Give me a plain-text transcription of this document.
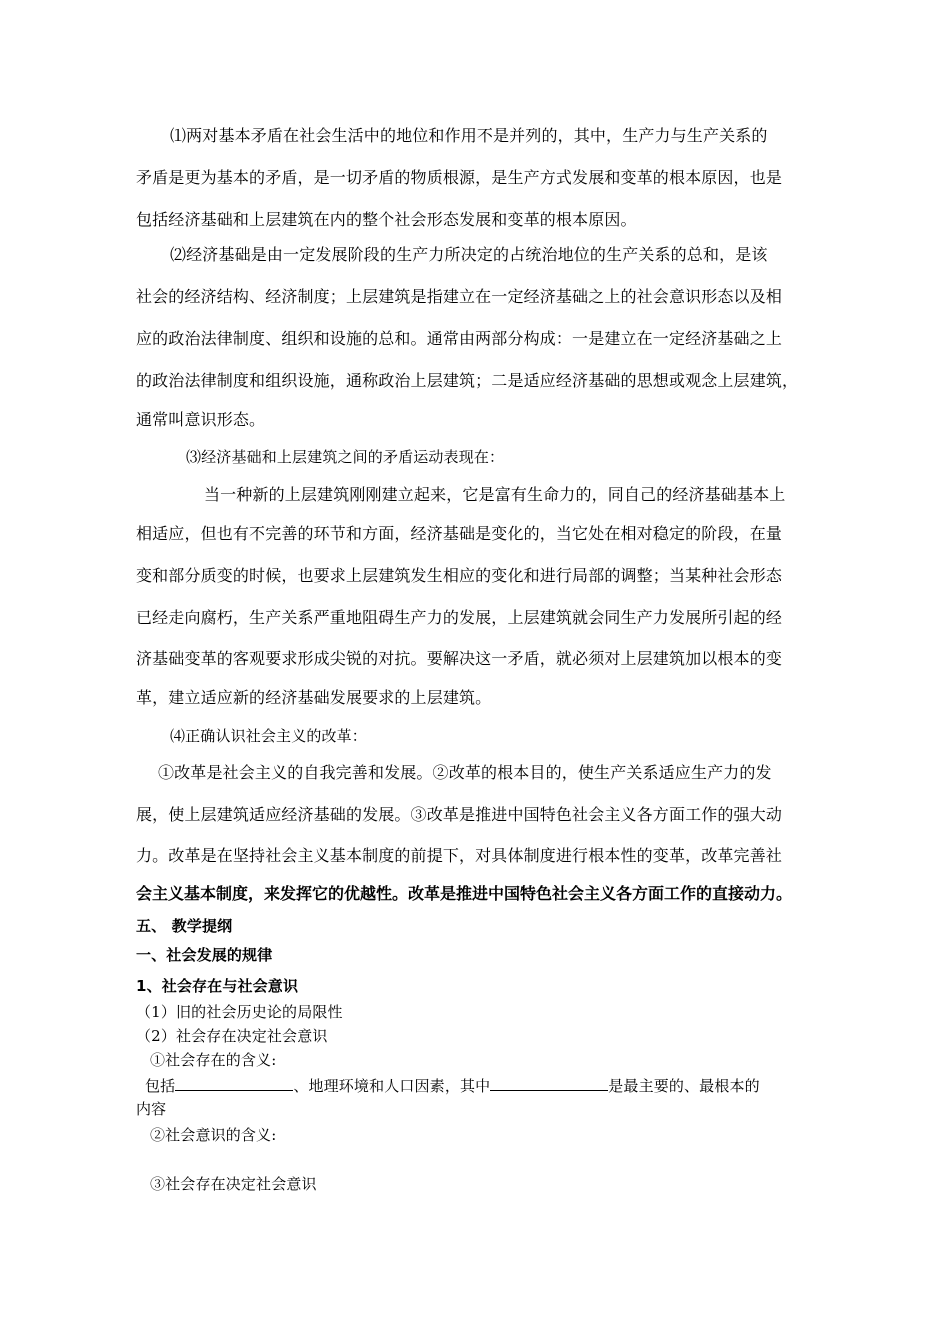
⑴两对基本矛盾在社会生活中的地位和作用不是并列的，其中，生产力与生产关系的
矛盾是更为基本的矛盾，是一切矛盾的物质根源，是生产方式发展和变革的根本原因，也是
包括经济基础和上层建筑在内的整个社会形态发展和变革的根本原因。
⑵经济基础是由一定发展阶段的生产力所决定的占统治地位的生产关系的总和，是该
社会的经济结构、经济制度；上层建筑是指建立在一定经济基础之上的社会意识形态以及相
应的政治法律制度、组织和设施的总和。通常由两部分构成：一是建立在一定经济基础之上
的政治法律制度和组织设施，通称政治上层建筑；二是适应经济基础的思想或观念上层建筑，
通常叫意识形态。
⑶经济基础和上层建筑之间的矛盾运动表现在：
当一种新的上层建筑刚刚建立起来，它是富有生命力的，同自己的经济基础基本上
相适应，但也有不完善的环节和方面，经济基础是变化的，当它处在相对稳定的阶段，在量
变和部分质变的时候，也要求上层建筑发生相应的变化和进行局部的调整；当某种社会形态
已经走向腐朽，生产关系严重地阻碍生产力的发展，上层建筑就会同生产力发展所引起的经
济基础变革的客观要求形成尖锐的对抗。要解决这一矛盾，就必须对上层建筑加以根本的变
革，建立适应新的经济基础发展要求的上层建筑。
⑷正确认识社会主义的改革：
①改革是社会主义的自我完善和发展。②改革的根本目的，使生产关系适应生产力的发
展，使上层建筑适应经济基础的发展。③改革是推进中国特色社会主义各方面工作的强大动
力。改革是在坚持社会主义基本制度的前提下，对具体制度进行根本性的变革，改革完善社
会主义基本制度，来发挥它的优越性。改革是推进中国特色社会主义各方面工作的直接动力。
五、 教学提纲
一、社会发展的规律
1、社会存在与社会意识
（1）旧的社会历史论的局限性
（2）社会存在决定社会意识
①社会存在的含义:
包括	、地理环境和人口因素，其中	是最主要的、最根本的
内容
②社会意识的含义:
③社会存在决定社会意识
